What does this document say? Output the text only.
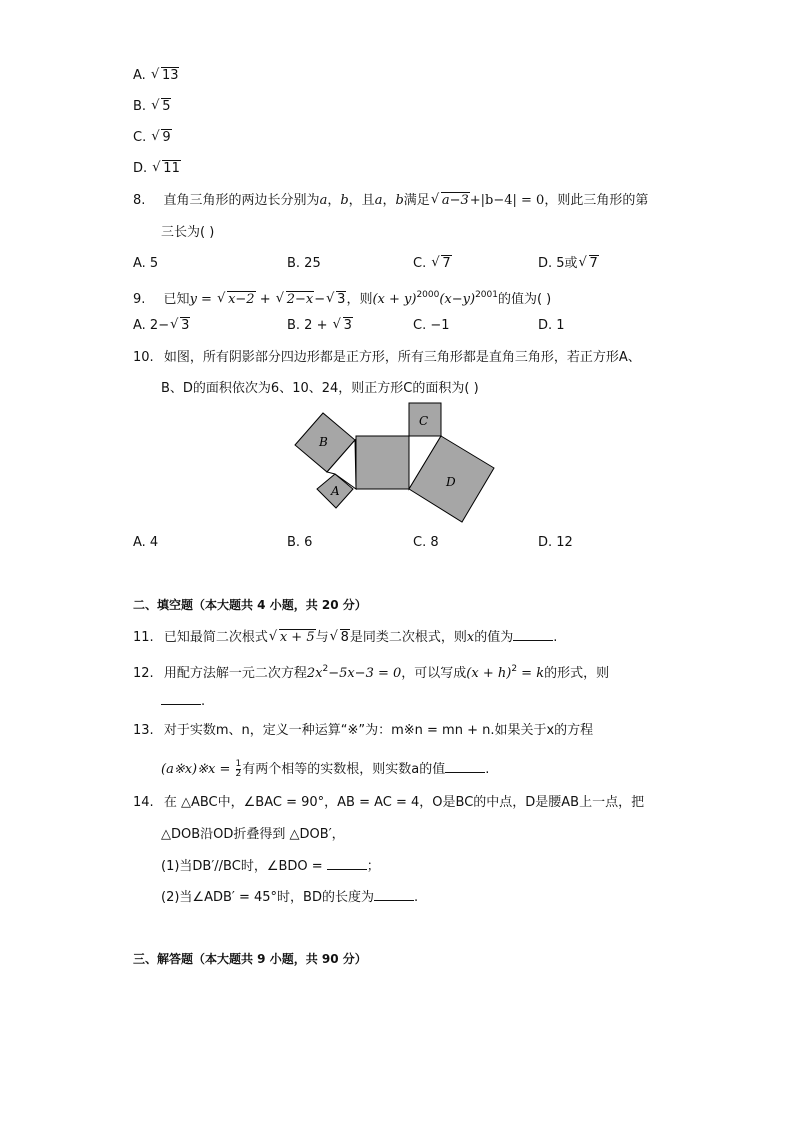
A. √ 13
B. √ 5
C. √ 9
D. √ 11
8. 直角三角形的两边长分别为a，b，且a，b满足 √ a−3+|b−4| = 0，则此三角形的第
三长为( )
A. 5	B. 25	C. √ 7	D. 5或 √ 7
9. 已知y = √ x−2 + √ 2−x− √ 3，则$(x + y)^{2000}(x-y)^{2001}$的值为( )
A. 2− √ 3	B. 2 + √ 3	C. −1	D. 1
10. 如图，所有阴影部分四边形都是正方形，所有三角形都是直角三角形，若正方形A、
B、D的面积依次为6、10、24，则正方形C的面积为( )
B
A
C
D
A. 4	B. 6	C. 8	D. 12
二、填空题（本大题共 4 小题，共 20 分）
11. 已知最简二次根式 √ x + 5与 √ 8是同类二次根式，则x的值为	.
12. 用配方法解一元二次方程$2x^2-5x-3 = 0$，可以写成$(x + h)^2 = k$的形式，则
.
13. 对于实数m、n，定义一种运算“※”为：m※n = mn + n.如果关于x的方程
(a※x)※x = $\frac{1}{2}$ 有两个相等的实数根，则实数a的值	.
14. 在 △ABC中，∠BAC = 90°，AB = AC = 4，O是BC的中点，D是腰AB上一点，把
△DOB沿OD折叠得到 △DOB′，
(1)当DB′//BC时，∠BDO =	；
(2)当∠ADB′ = 45°时，BD的长度为	.
三、解答题（本大题共 9 小题，共 90 分）
